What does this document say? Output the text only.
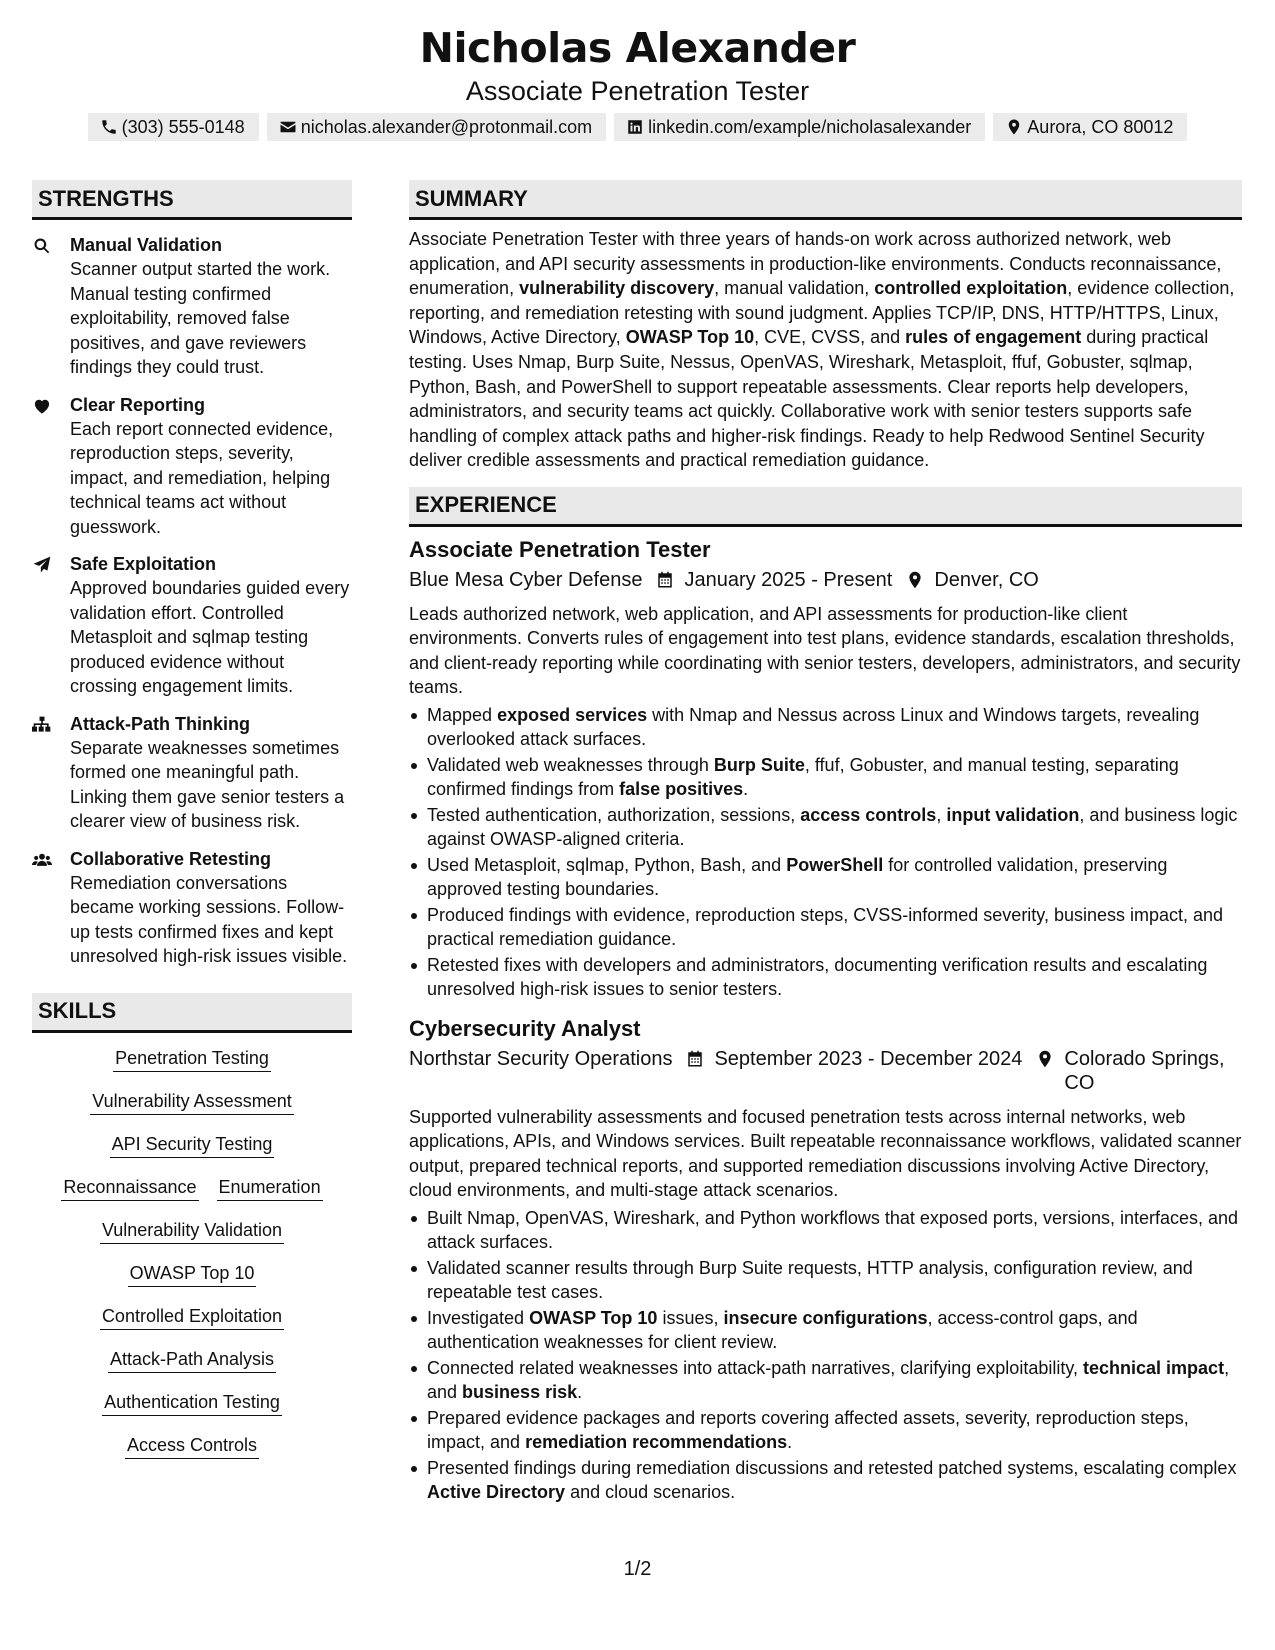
Nicholas Alexander
Associate Penetration Tester
(303) 555-0148	nicholas.alexander@protonmail.com	linkedin.com/example/nicholasalexander	Aurora, CO 80012
STRENGTHS
Manual Validation
Scanner output started the work. Manual testing confirmed exploitability, removed false positives, and gave reviewers findings they could trust.
Clear Reporting
Each report connected evidence, reproduction steps, severity, impact, and remediation, helping technical teams act without guesswork.
Safe Exploitation
Approved boundaries guided every validation effort. Controlled Metasploit and sqlmap testing produced evidence without crossing engagement limits.
Attack-Path Thinking
Separate weaknesses sometimes formed one meaningful path. Linking them gave senior testers a clearer view of business risk.
Collaborative Retesting
Remediation conversations became working sessions. Follow-up tests confirmed fixes and kept unresolved high-risk issues visible.
SKILLS
Penetration Testing
Vulnerability Assessment
API Security Testing
Reconnaissance Enumeration
Vulnerability Validation
OWASP Top 10
Controlled Exploitation
Attack-Path Analysis
Authentication Testing
Access Controls
SUMMARY
Associate Penetration Tester with three years of hands-on work across authorized network, web application, and API security assessments in production-like environments. Conducts reconnaissance, enumeration, vulnerability discovery, manual validation, controlled exploitation, evidence collection, reporting, and remediation retesting with sound judgment. Applies TCP/IP, DNS, HTTP/HTTPS, Linux, Windows, Active Directory, OWASP Top 10, CVE, CVSS, and rules of engagement during practical testing. Uses Nmap, Burp Suite, Nessus, OpenVAS, Wireshark, Metasploit, ffuf, Gobuster, sqlmap, Python, Bash, and PowerShell to support repeatable assessments. Clear reports help developers, administrators, and security teams act quickly. Collaborative work with senior testers supports safe handling of complex attack paths and higher-risk findings. Ready to help Redwood Sentinel Security deliver credible assessments and practical remediation guidance.
EXPERIENCE
Associate Penetration Tester
Blue Mesa Cyber Defense January 2025 - Present Denver, CO
Leads authorized network, web application, and API assessments for production-like client environments. Converts rules of engagement into test plans, evidence standards, escalation thresholds, and client-ready reporting while coordinating with senior testers, developers, administrators, and security teams.
Mapped exposed services with Nmap and Nessus across Linux and Windows targets, revealing overlooked attack surfaces.
Validated web weaknesses through Burp Suite, ffuf, Gobuster, and manual testing, separating confirmed findings from false positives.
Tested authentication, authorization, sessions, access controls, input validation, and business logic against OWASP-aligned criteria.
Used Metasploit, sqlmap, Python, Bash, and PowerShell for controlled validation, preserving approved testing boundaries.
Produced findings with evidence, reproduction steps, CVSS-informed severity, business impact, and practical remediation guidance.
Retested fixes with developers and administrators, documenting verification results and escalating unresolved high-risk issues to senior testers.
Cybersecurity Analyst
Northstar Security Operations September 2023 - December 2024 Colorado Springs, CO
Supported vulnerability assessments and focused penetration tests across internal networks, web applications, APIs, and Windows services. Built repeatable reconnaissance workflows, validated scanner output, prepared technical reports, and supported remediation discussions involving Active Directory, cloud environments, and multi-stage attack scenarios.
Built Nmap, OpenVAS, Wireshark, and Python workflows that exposed ports, versions, interfaces, and attack surfaces.
Validated scanner results through Burp Suite requests, HTTP analysis, configuration review, and repeatable test cases.
Investigated OWASP Top 10 issues, insecure configurations, access-control gaps, and authentication weaknesses for client review.
Connected related weaknesses into attack-path narratives, clarifying exploitability, technical impact, and business risk.
Prepared evidence packages and reports covering affected assets, severity, reproduction steps, impact, and remediation recommendations.
Presented findings during remediation discussions and retested patched systems, escalating complex Active Directory and cloud scenarios.
1/2
